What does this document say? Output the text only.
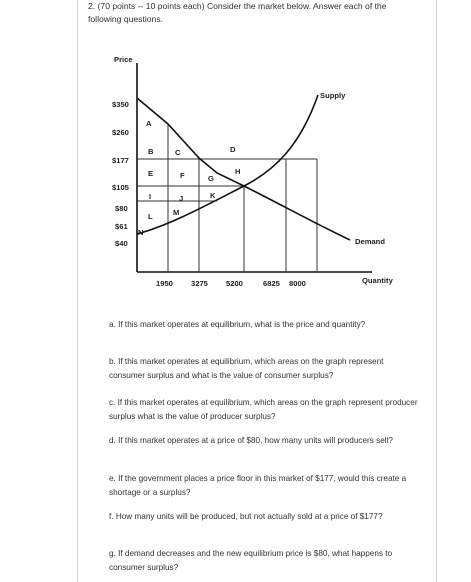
2. (70 points -- 10 points each) Consider the market below. Answer each of the following questions.
Price
$350
$260
$177
$105
$80
$61
$40
1950 3275 5200	6825 8000	Quantity
Supply
Demand
A
B	C	D
E	F	G
H
I	J	K
L	M
N
a. If this market operates at equilibrium, what is the price and quantity?
b. If this market operates at equilibrium, which areas on the graph represent consumer surplus and what is the value of consumer surplus?
c. If this market operates at equilibrium, which areas on the graph represent producer surplus what is the value of producer surplus?
d. If this market operates at a price of $80, how many units will producers sell?
e. If the government places a price floor in this market of $177, would this create a shortage or a surplus?
f. How many units will be produced, but not actually sold at a price of $177?
g. If demand decreases and the new equilibrium price is $80, what happens to consumer surplus?
